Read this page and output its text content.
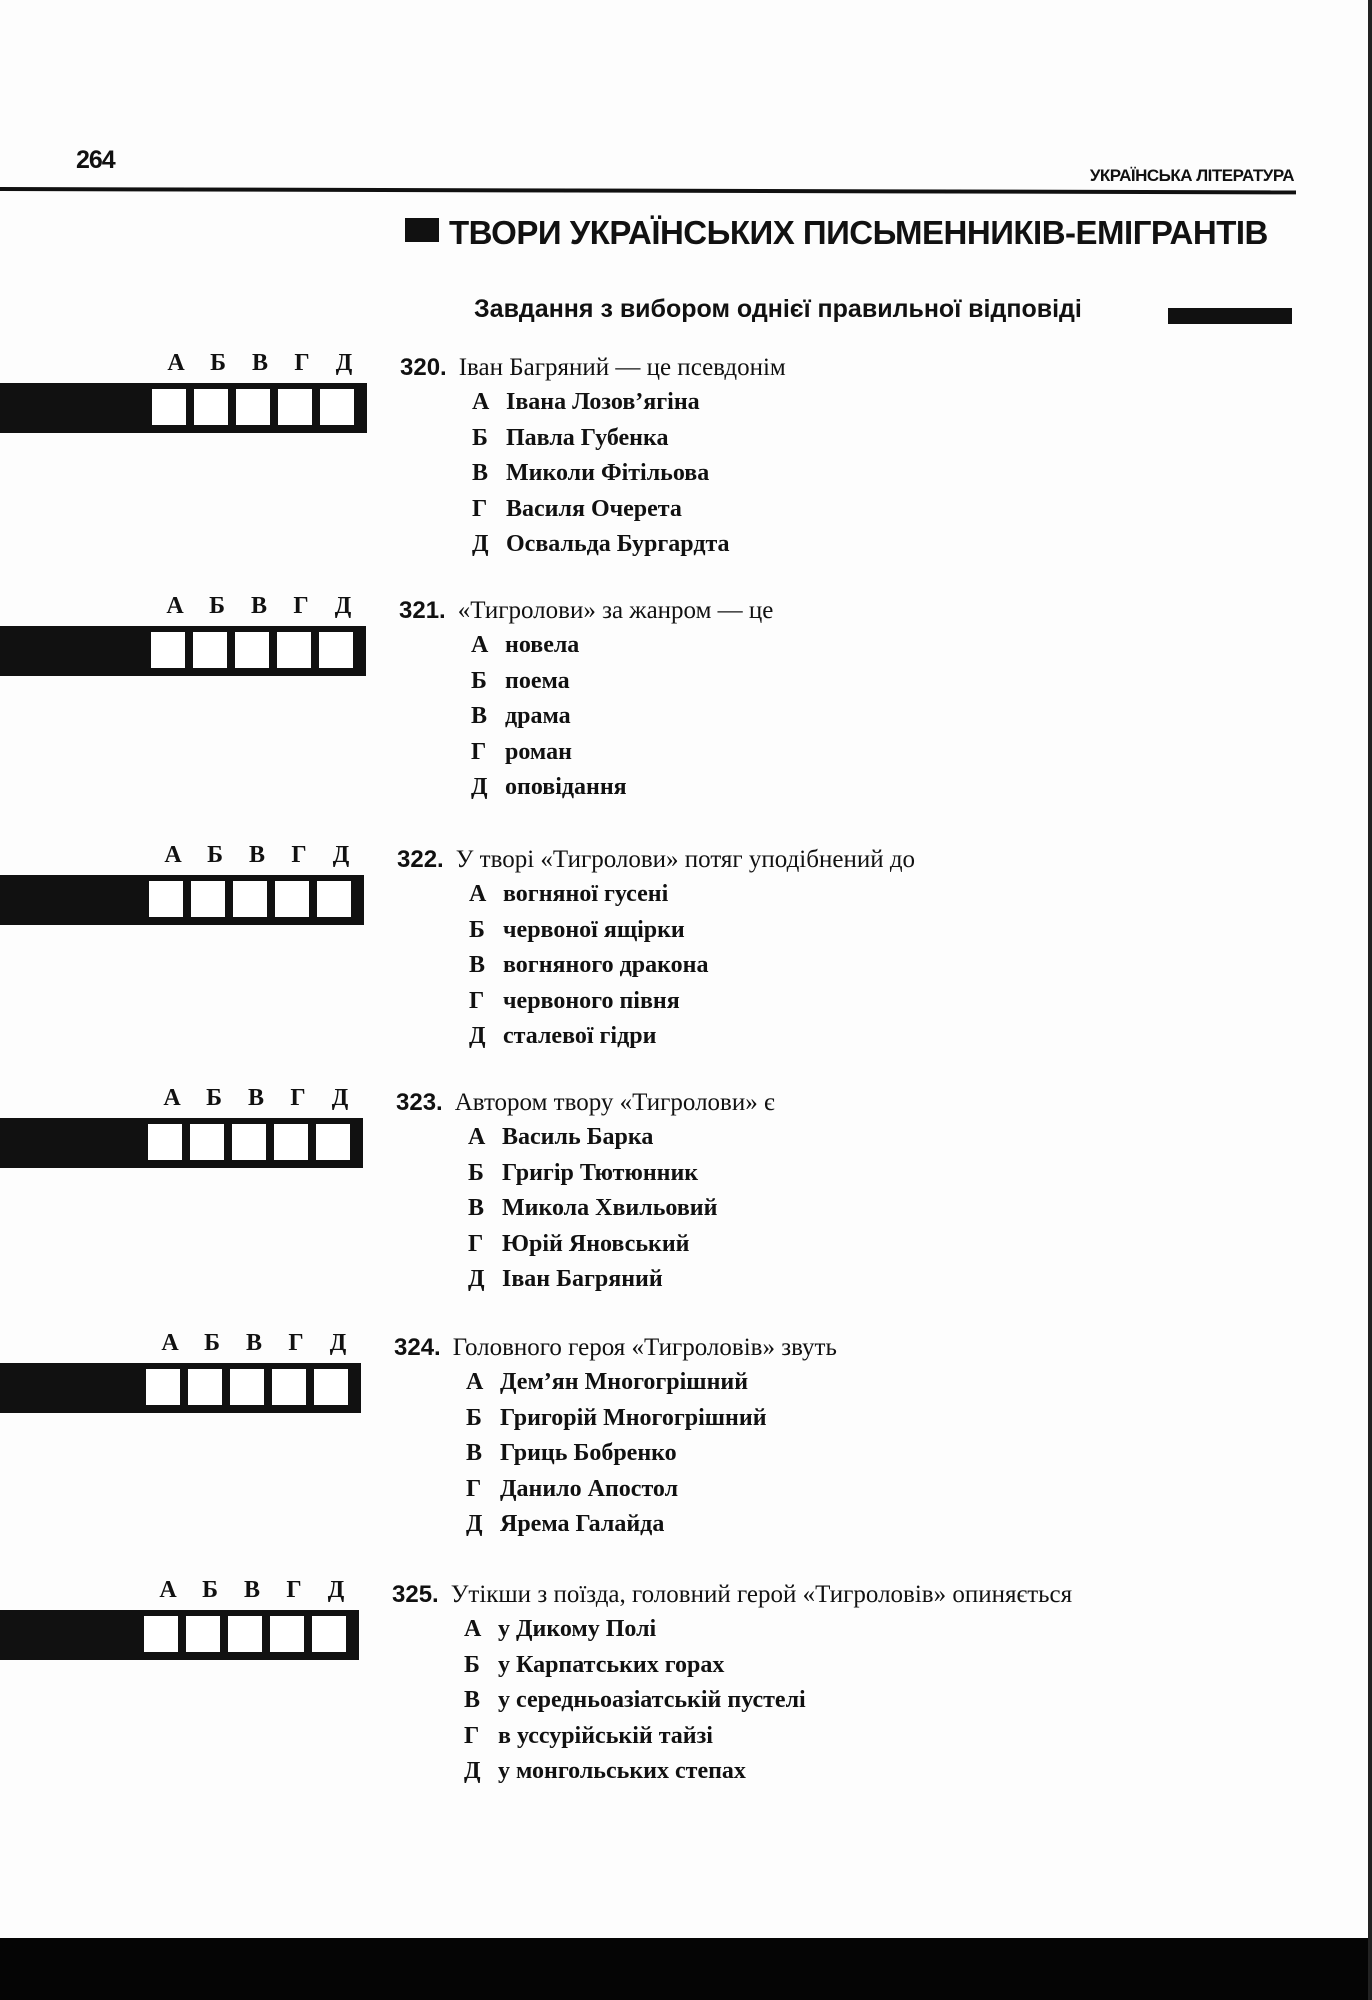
264
УКРАЇНСЬКА ЛІТЕРАТУРА
ТВОРИ УКРАЇНСЬКИХ ПИСЬМЕННИКІВ-ЕМІГРАНТІВ
Завдання з вибором однієї правильної відповіді
А Б В Г Д	320. Іван Багряний — це псевдонім
А Івана Лозов’ягіна
Б Павла Губенка
В Миколи Фітільова
Г Василя Очерета
Д Освальда Бургардта
А Б В Г Д	321. «Тигролови» за жанром — це
А новела
Б поема
В драма
Г роман
Д оповідання
А Б В Г Д	322. У творі «Тигролови» потяг уподібнений до
А вогняної гусені
Б червоної ящірки
В вогняного дракона
Г червоного півня
Д сталевої гідри
А Б В Г Д	323. Автором твору «Тигролови» є
А Василь Барка
Б Григір Тютюнник
В Микола Хвильовий
Г Юрій Яновський
Д Іван Багряний
А Б В Г Д	324. Головного героя «Тигроловів» звуть
А Дем’ян Многогрішний
Б Григорій Многогрішний
В Гриць Бобренко
Г Данило Апостол
Д Ярема Галайда
А Б В Г Д	325. Утікши з поїзда, головний герой «Тигроловів» опиняється
А у Дикому Полі
Б у Карпатських горах
В у середньоазіатській пустелі
Г в уссурійській тайзі
Д у монгольських степах
